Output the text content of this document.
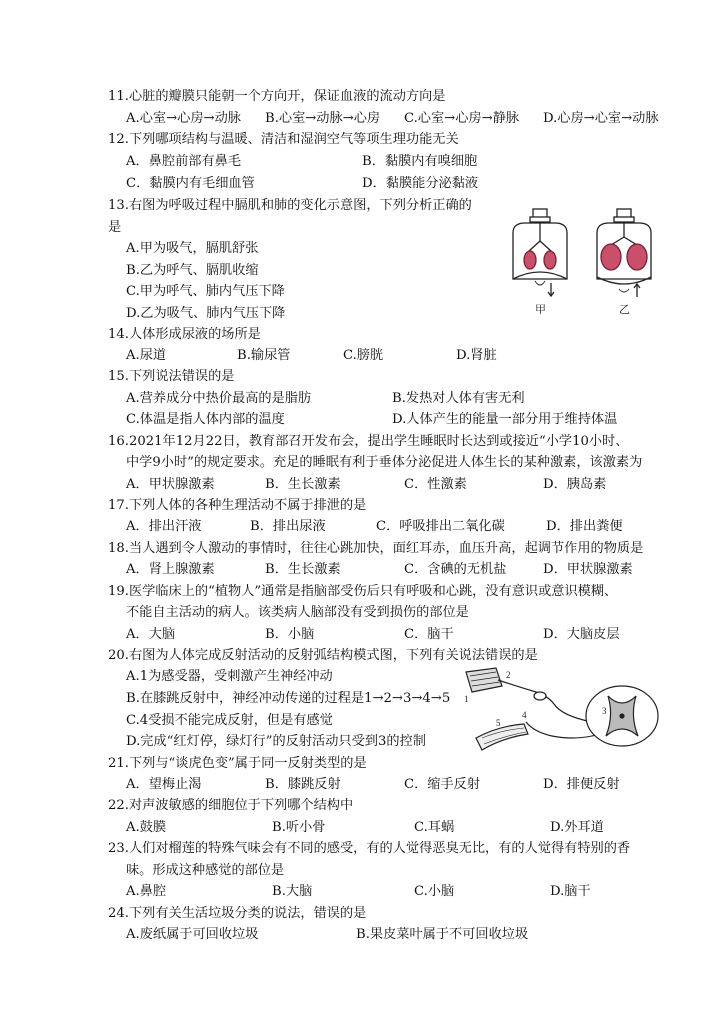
11.心脏的瓣膜只能朝一个方向开，保证血液的流动方向是
A.心室→心房→动脉 B.心室→动脉→心房 C.心室→心房→静脉 D.心房→心室→动脉
12.下列哪项结构与温暖、清洁和湿润空气等项生理功能无关
A．鼻腔前部有鼻毛	B．黏膜内有嗅细胞
C．黏膜内有毛细血管	D．黏膜能分泌黏液
13.右图为呼吸过程中膈肌和肺的变化示意图，下列分析正确的
是
A.甲为吸气，膈肌舒张
B.乙为呼气、膈肌收缩
C.甲为呼气、肺内气压下降
D.乙为吸气、肺内气压下降	甲	乙
14.人体形成尿液的场所是
A.尿道	B.输尿管	C.膀胱	D.肾脏
15.下列说法错误的是
A.营养成分中热价最高的是脂肪	B.发热对人体有害无利
C.体温是指人体内部的温度	D.人体产生的能量一部分用于维持体温
16.2021年12月22日，教育部召开发布会，提出学生睡眠时长达到或接近“小学10小时、
中学9小时”的规定要求。充足的睡眠有利于垂体分泌促进人体生长的某种激素，该激素为
A．甲状腺激素	B．生长激素	C．性激素	D．胰岛素
17.下列人体的各种生理活动不属于排泄的是
A．排出汗液	B．排出尿液	C．呼吸排出二氧化碳	D．排出粪便
18.当人遇到令人激动的事情时，往往心跳加快，面红耳赤，血压升高，起调节作用的物质是
A．肾上腺激素	B．生长激素	C．含碘的无机盐	D．甲状腺激素
19.医学临床上的“植物人”通常是指脑部受伤后只有呼吸和心跳，没有意识或意识模糊、
不能自主活动的病人。该类病人脑部没有受到损伤的部位是
A．大脑	B．小脑	C．脑干	D．大脑皮层
20.右图为人体完成反射活动的反射弧结构模式图，下列有关说法错误的是
A.1为感受器，受刺激产生神经冲动
B.在膝跳反射中，神经冲动传递的过程是1→2→3→4→5
C.4受损不能完成反射，但是有感觉
D.完成“红灯停，绿灯行”的反射活动只受到3的控制
1
2
3
4
5
21.下列与“谈虎色变”属于同一反射类型的是
A．望梅止渴	B．膝跳反射	C．缩手反射	D．排便反射
22.对声波敏感的细胞位于下列哪个结构中
A.鼓膜	B.听小骨	C.耳蜗	D.外耳道
23.人们对榴莲的特殊气味会有不同的感受，有的人觉得恶臭无比，有的人觉得有特别的香
味。形成这种感觉的部位是
A.鼻腔	B.大脑	C.小脑	D.脑干
24.下列有关生活垃圾分类的说法，错误的是
A.废纸属于可回收垃圾	B.果皮菜叶属于不可回收垃圾
